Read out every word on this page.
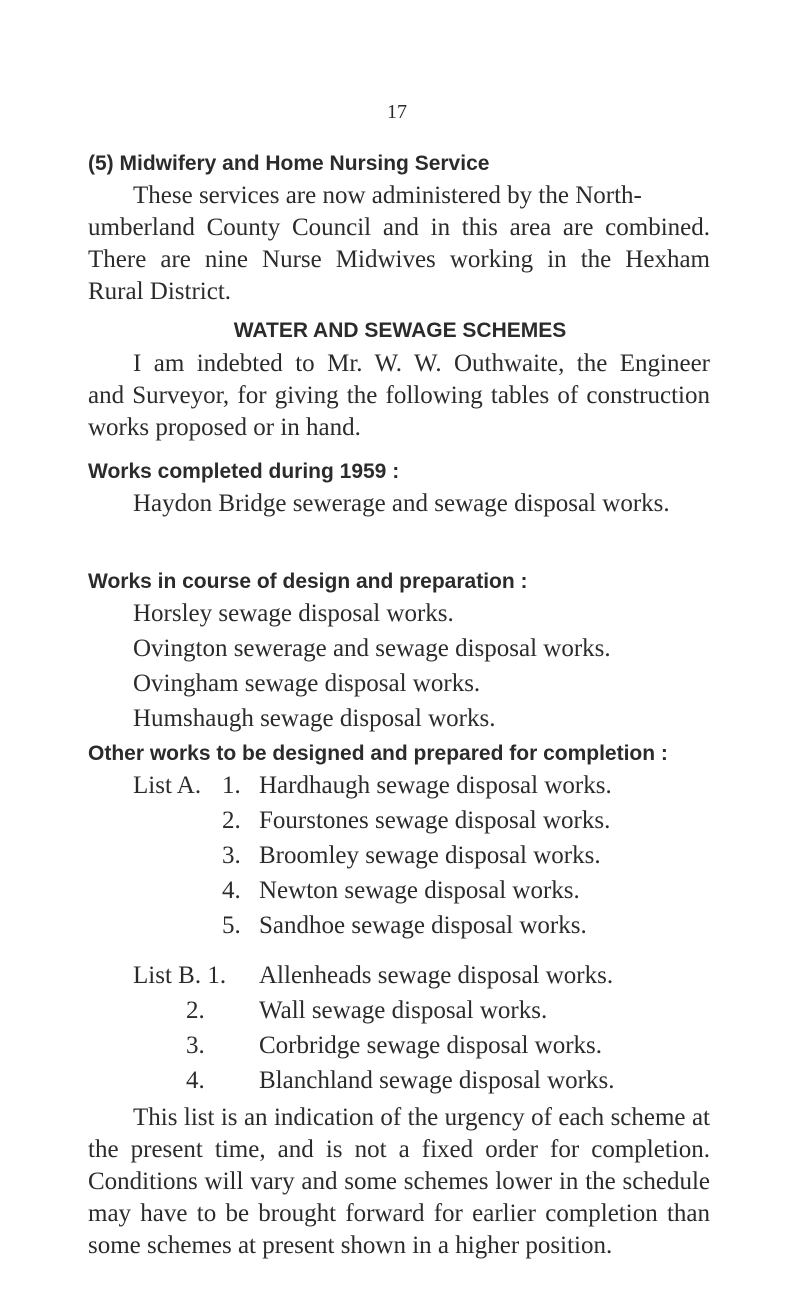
17
(5) Midwifery and Home Nursing Service
These services are now administered by the North-
umberland County Council and in this area are combined.
There are nine Nurse Midwives working in the Hexham
Rural District.
WATER AND SEWAGE SCHEMES
I am indebted to Mr. W. W. Outhwaite, the Engineer
and Surveyor, for giving the following tables of construction
works proposed or in hand.
Works completed during 1959 :
Haydon Bridge sewerage and sewage disposal works.
Works in course of design and preparation :
Horsley sewage disposal works.
Ovington sewerage and sewage disposal works.
Ovingham sewage disposal works.
Humshaugh sewage disposal works.
Other works to be designed and prepared for completion :
List A. 1. Hardhaugh sewage disposal works.
2. Fourstones sewage disposal works.
3. Broomley sewage disposal works.
4. Newton sewage disposal works.
5. Sandhoe sewage disposal works.
List B. 1. Allenheads sewage disposal works.
2. Wall sewage disposal works.
3. Corbridge sewage disposal works.
4. Blanchland sewage disposal works.
This list is an indication of the urgency of each scheme at
the present time, and is not a fixed order for completion.
Conditions will vary and some schemes lower in the schedule
may have to be brought forward for earlier completion than
some schemes at present shown in a higher position.
